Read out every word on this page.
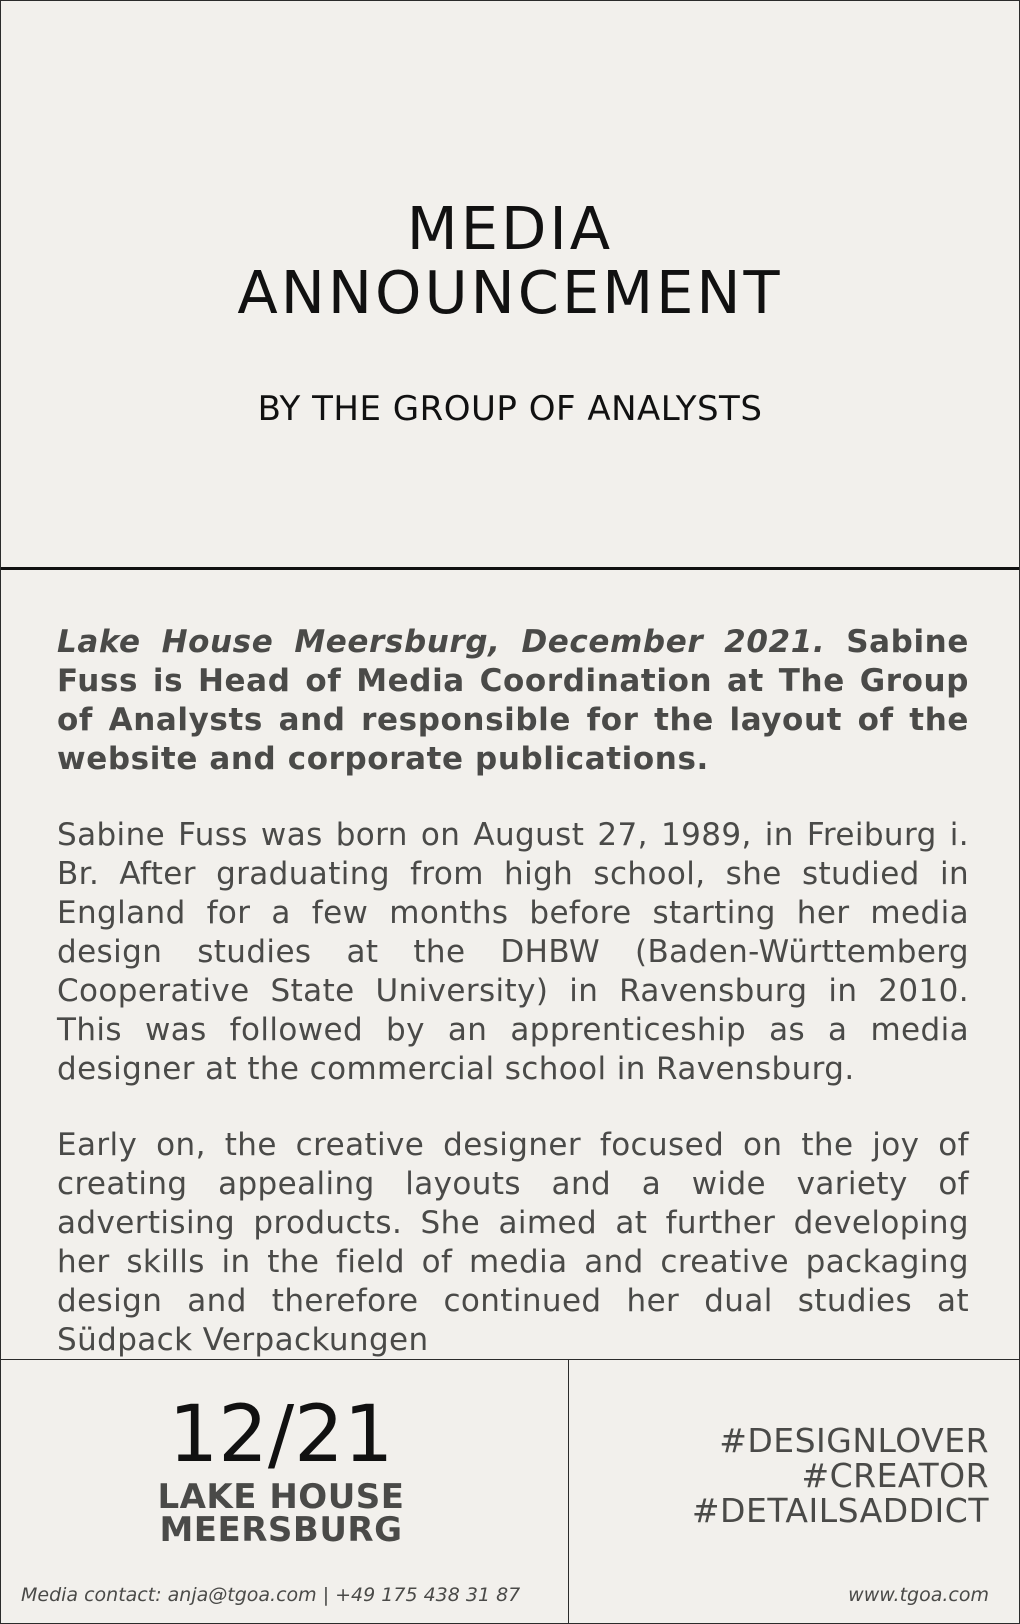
MEDIA
ANNOUNCEMENT
BY THE GROUP OF ANALYSTS

Lake House Meersburg, December 2021. Sabine Fuss is Head of Media Coordination at The Group of Analysts and responsible for the layout of the website and corporate publications.

Sabine Fuss was born on August 27, 1989, in Freiburg i. Br. After graduating from high school, she studied in England for a few months before starting her media design studies at the DHBW (Baden-Württemberg Cooperative State University) in Ravensburg in 2010. This was followed by an apprenticeship as a media designer at the commercial school in Ravensburg.

Early on, the creative designer focused on the joy of creating appealing layouts and a wide variety of advertising products. She aimed at further developing her skills in the field of media and creative packaging design and therefore continued her dual studies at Südpack Verpackungen

12/21
LAKE HOUSE
MEERSBURG
#DESIGNLOVER
#CREATOR
#DETAILSADDICT
Media contact: anja@tgoa.com | +49 175 438 31 87	www.tgoa.com
